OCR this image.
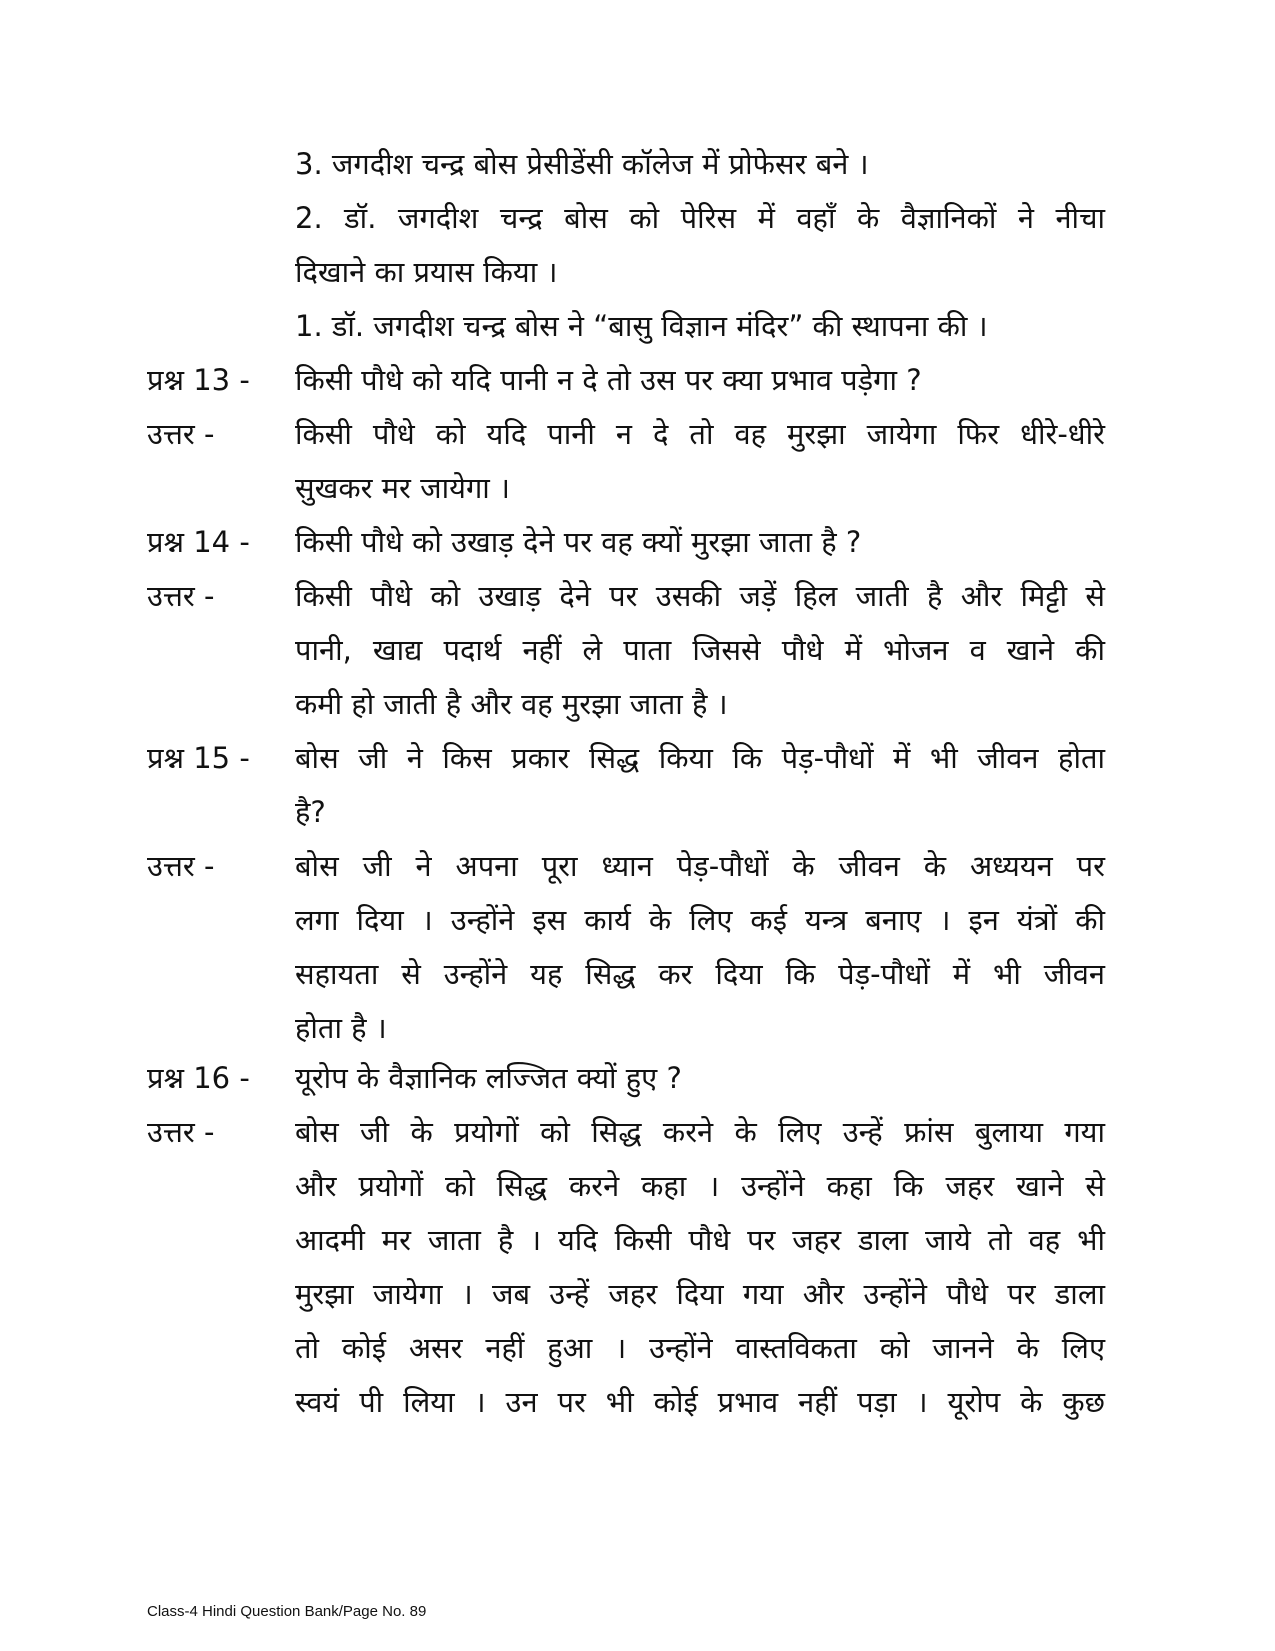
3. जगदीश चन्द्र बोस प्रेसीडेंसी कॉलेज में प्रोफेसर बने ।
2. डॉ. जगदीश चन्द्र बोस को पेरिस में वहाँ के वैज्ञानिकों ने नीचा
दिखाने का प्रयास किया ।
1. डॉ. जगदीश चन्द्र बोस ने “बासु विज्ञान मंदिर” की स्थापना की ।
प्रश्न 13 - किसी पौधे को यदि पानी न दे तो उस पर क्या प्रभाव पड़ेगा ?
उत्तर -	किसी पौधे को यदि पानी न दे तो वह मुरझा जायेगा फिर धीरे-धीरे
सुखकर मर जायेगा ।
प्रश्न 14 - किसी पौधे को उखाड़ देने पर वह क्यों मुरझा जाता है ?
उत्तर -	किसी पौधे को उखाड़ देने पर उसकी जड़ें हिल जाती है और मिट्टी से
पानी, खाद्य पदार्थ नहीं ले पाता जिससे पौधे में भोजन व खाने की
कमी हो जाती है और वह मुरझा जाता है ।
प्रश्न 15 - बोस जी ने किस प्रकार सिद्ध किया कि पेड़-पौधों में भी जीवन होता
है?
उत्तर -	बोस जी ने अपना पूरा ध्यान पेड़-पौधों के जीवन के अध्ययन पर
लगा दिया । उन्होंने इस कार्य के लिए कई यन्त्र बनाए । इन यंत्रों की
सहायता से उन्होंने यह सिद्ध कर दिया कि पेड़-पौधों में भी जीवन
होता है ।
प्रश्न 16 - यूरोप के वैज्ञानिक लज्जित क्यों हुए ?
उत्तर -	बोस जी के प्रयोगों को सिद्ध करने के लिए उन्हें फ्रांस बुलाया गया
और प्रयोगों को सिद्ध करने कहा । उन्होंने कहा कि जहर खाने से
आदमी मर जाता है । यदि किसी पौधे पर जहर डाला जाये तो वह भी
मुरझा जायेगा । जब उन्हें जहर दिया गया और उन्होंने पौधे पर डाला
तो कोई असर नहीं हुआ । उन्होंने वास्तविकता को जानने के लिए
स्वयं पी लिया । उन पर भी कोई प्रभाव नहीं पड़ा । यूरोप के कुछ
Class-4 Hindi Question Bank/Page No. 89
